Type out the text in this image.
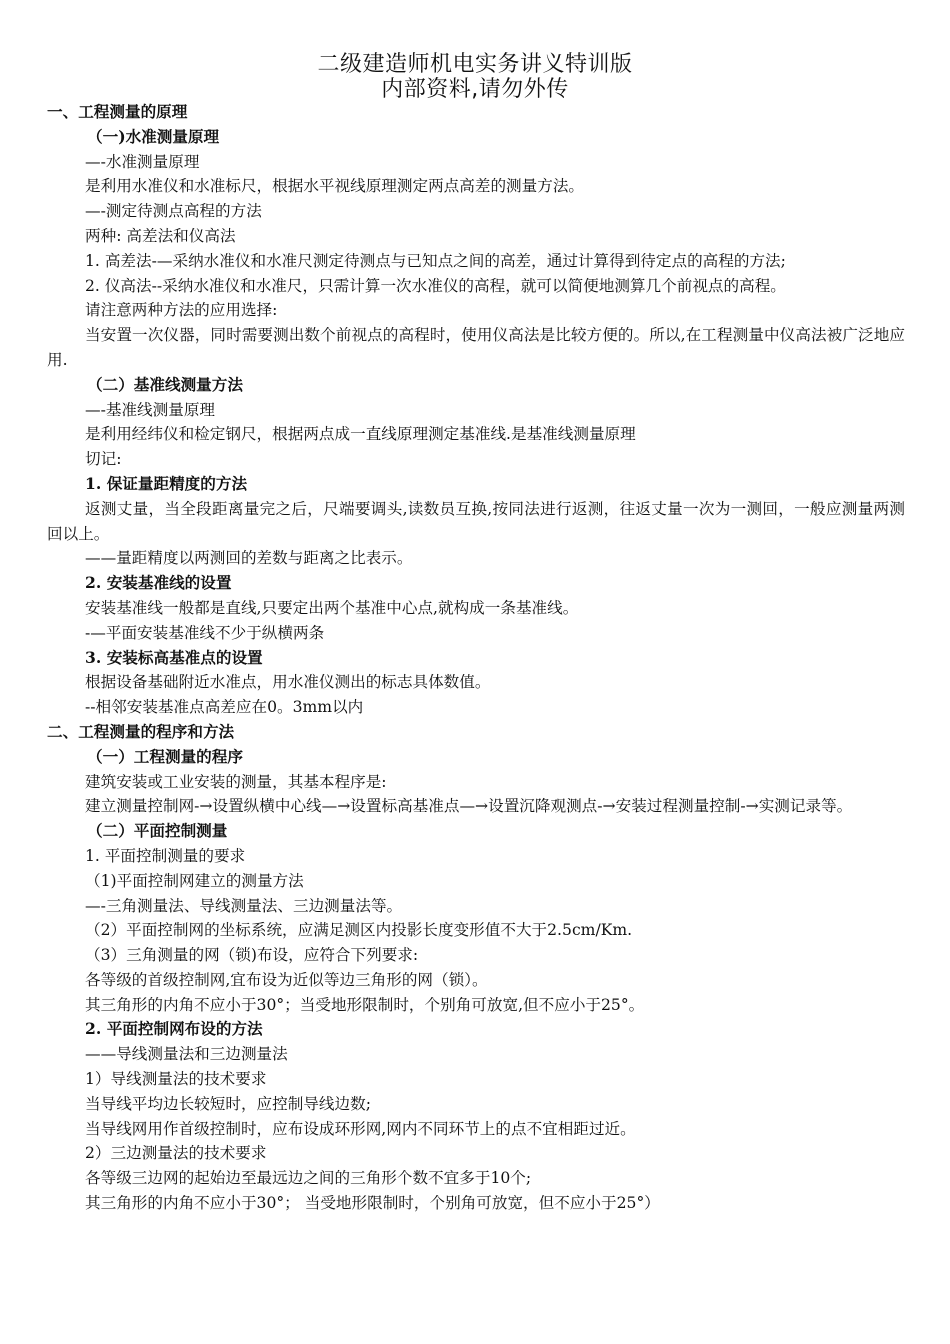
二级建造师机电实务讲义特训版
内部资料,请勿外传

一、工程测量的原理

（一)水准测量原理

—-水准测量原理

是利用水准仪和水准标尺，根据水平视线原理测定两点高差的测量方法。

—-测定待测点高程的方法

两种: 高差法和仪高法

1. 高差法-—采纳水准仪和水准尺测定待测点与已知点之间的高差，通过计算得到待定点的高程的方法;

2. 仪高法--采纳水准仪和水准尺，只需计算一次水准仪的高程，就可以简便地测算几个前视点的高程。

请注意两种方法的应用选择:

当安置一次仪器，同时需要测出数个前视点的高程时，使用仪高法是比较方便的。所以,在工程测量中仪高法被广泛地应用.

（二）基准线测量方法

—-基准线测量原理

是利用经纬仪和检定钢尺，根据两点成一直线原理测定基准线.是基准线测量原理

切记:

1. 保证量距精度的方法

返测丈量，当全段距离量完之后，尺端要调头,读数员互换,按同法进行返测，往返丈量一次为一测回，一般应测量两测回以上。

——量距精度以两测回的差数与距离之比表示。

2. 安装基准线的设置

安装基准线一般都是直线,只要定出两个基准中心点,就构成一条基准线。

-—平面安装基准线不少于纵横两条

3. 安装标高基准点的设置

根据设备基础附近水准点，用水准仪测出的标志具体数值。

--相邻安装基准点高差应在0。3mm以内

二、工程测量的程序和方法

（一）工程测量的程序

建筑安装或工业安装的测量，其基本程序是:

建立测量控制网-→设置纵横中心线—→设置标高基准点—→设置沉降观测点-→安装过程测量控制-→实测记录等。

（二）平面控制测量

1. 平面控制测量的要求

（1)平面控制网建立的测量方法

—-三角测量法、导线测量法、三边测量法等。

（2）平面控制网的坐标系统，应满足测区内投影长度变形值不大于2.5cm/Km.

（3）三角测量的网（锁)布设，应符合下列要求:

各等级的首级控制网,宜布设为近似等边三角形的网（锁）。

其三角形的内角不应小于30°；当受地形限制时，个别角可放宽,但不应小于25°。

2. 平面控制网布设的方法

——导线测量法和三边测量法

1）导线测量法的技术要求

当导线平均边长较短时，应控制导线边数;

当导线网用作首级控制时，应布设成环形网,网内不同环节上的点不宜相距过近。

2）三边测量法的技术要求

各等级三边网的起始边至最远边之间的三角形个数不宜多于10个;

其三角形的内角不应小于30°； 当受地形限制时，个别角可放宽，但不应小于25°）
